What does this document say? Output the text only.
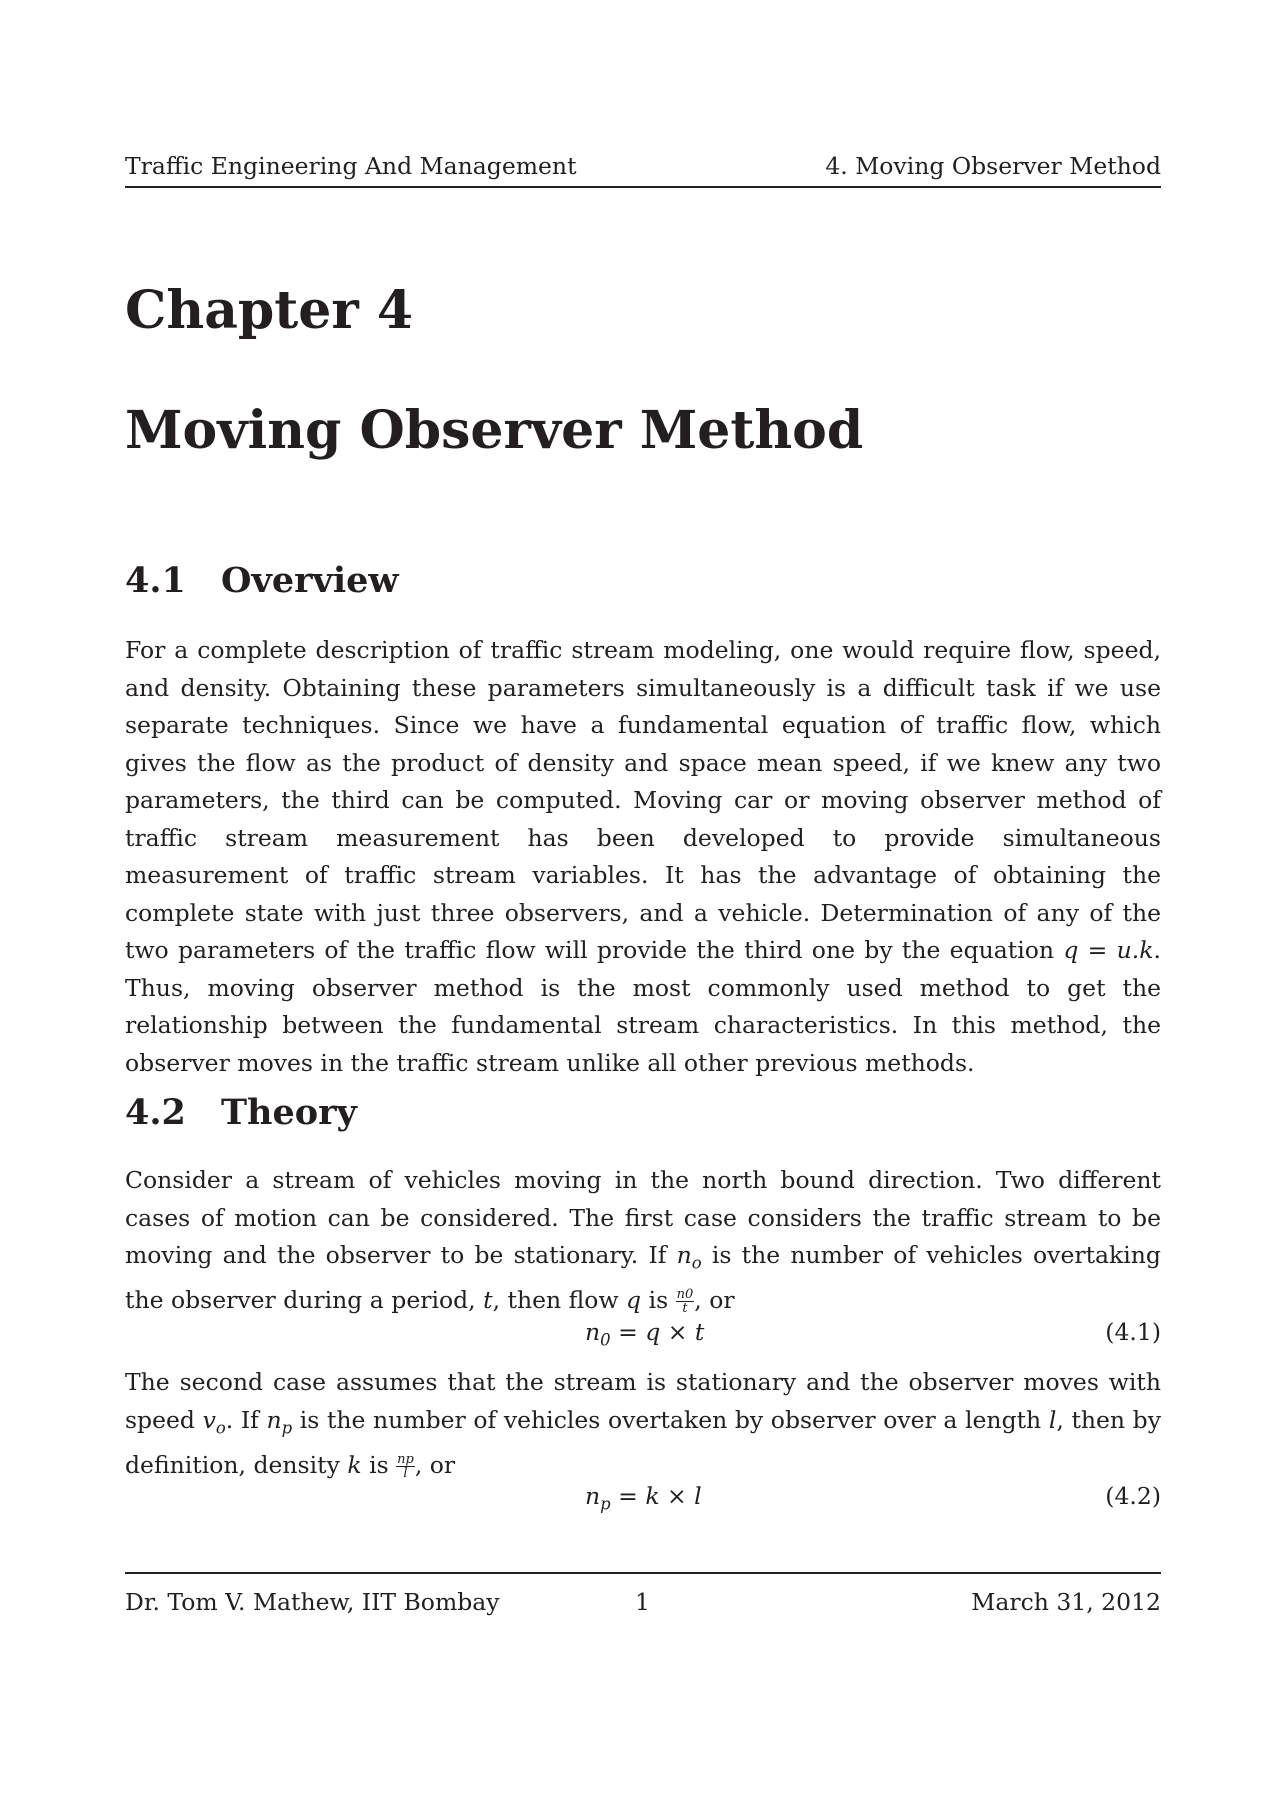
Traffic Engineering And Management	4. Moving Observer Method
Chapter 4
Moving Observer Method
4.1 Overview

For a complete description of traffic stream modeling, one would require flow, speed, and density. Obtaining these parameters simultaneously is a difficult task if we use separate techniques. Since we have a fundamental equation of traffic flow, which gives the flow as the product of density and space mean speed, if we knew any two parameters, the third can be computed. Moving car or moving observer method of traffic stream measurement has been developed to provide simultaneous measurement of traffic stream variables. It has the advantage of obtaining the complete state with just three observers, and a vehicle. Determination of any of the two parameters of the traffic flow will provide the third one by the equation q = u.k. Thus, moving observer method is the most commonly used method to get the relationship between the fundamental stream characteristics. In this method, the observer moves in the traffic stream unlike all other previous methods.

4.2 Theory

Consider a stream of vehicles moving in the north bound direction. Two different cases of motion can be considered. The first case considers the traffic stream to be moving and the observer to be stationary. If $n_o$ is the number of vehicles overtaking the observer during a period, t, then flow q is $\frac{n0}{t}$ , or

$n_0 = q \times t$	(4.1)

The second case assumes that the stream is stationary and the observer moves with speed $v_o$. If $n_p$ is the number of vehicles overtaken by observer over a length l, then by definition, density k is $\frac{np}{l}$ , or

$n_p = k \times l$	(4.2)
Dr. Tom V. Mathew, IIT Bombay	1	March 31, 2012
